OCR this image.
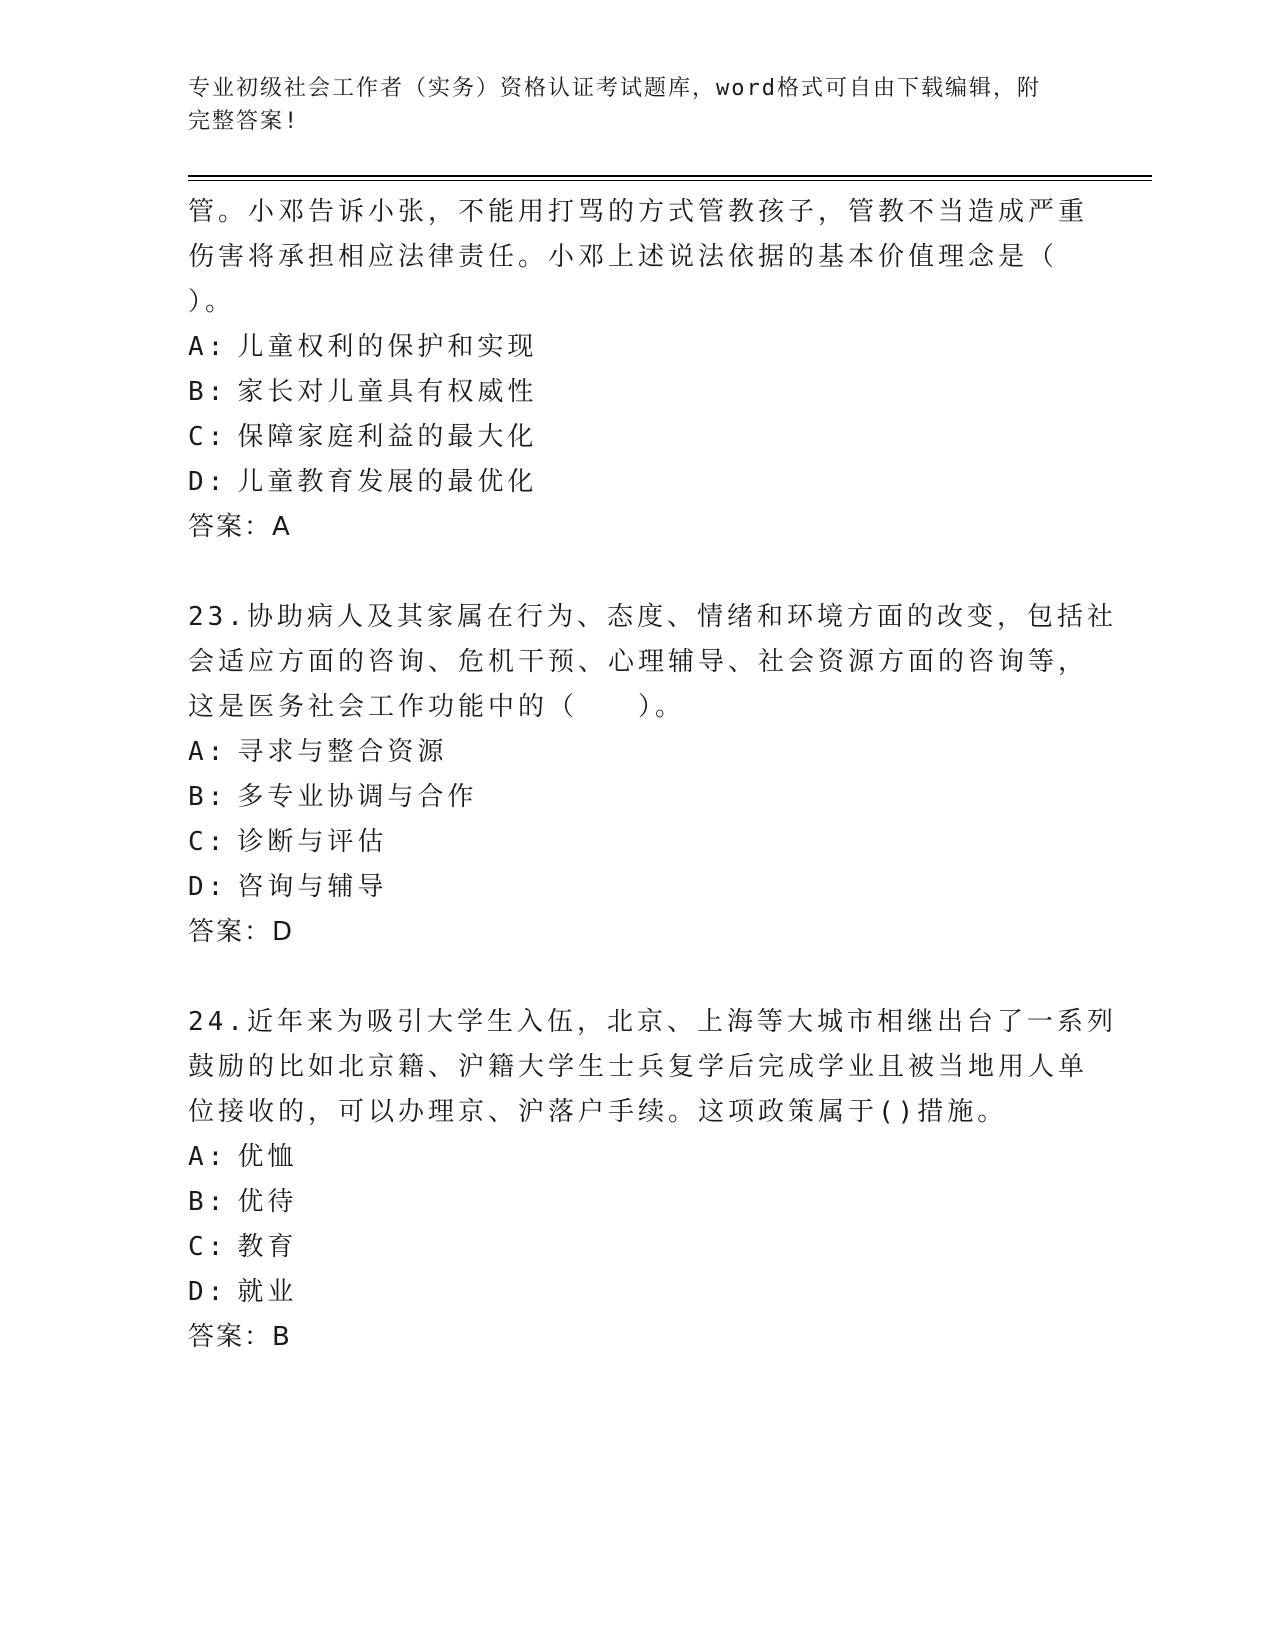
专业初级社会工作者（实务）资格认证考试题库，word格式可自由下载编辑，附
完整答案!
管。小邓告诉小张，不能用打骂的方式管教孩子，管教不当造成严重
伤害将承担相应法律责任。小邓上述说法依据的基本价值理念是（
）。
A: 儿童权利的保护和实现
B: 家长对儿童具有权威性
C: 保障家庭利益的最大化
D: 儿童教育发展的最优化
答案：A
23.协助病人及其家属在行为、态度、情绪和环境方面的改变，包括社
会适应方面的咨询、危机干预、心理辅导、社会资源方面的咨询等，
这是医务社会工作功能中的（　　）。
A: 寻求与整合资源
B: 多专业协调与合作
C: 诊断与评估
D: 咨询与辅导
答案：D
24.近年来为吸引大学生入伍，北京、上海等大城市相继出台了一系列
鼓励的比如北京籍、沪籍大学生士兵复学后完成学业且被当地用人单
位接收的，可以办理京、沪落户手续。这项政策属于()措施。
A: 优恤
B: 优待
C: 教育
D: 就业
答案：B
